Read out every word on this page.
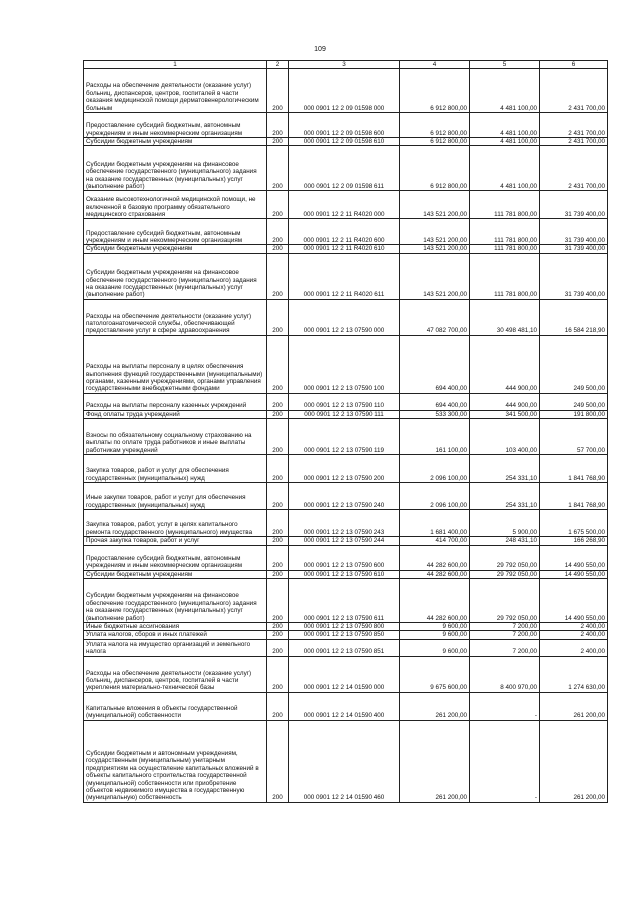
109
1	2	3	4	5	6
Расходы на обеспечение деятельности (оказание услуг) больниц, диспансеров, центров, госпиталей в части оказания медицинской помощи дерматовенерологическим больным	200	000 0901 12 2 09 01598 000	6 912 800,00	4 481 100,00	2 431 700,00
Предоставление субсидий бюджетным, автономным учреждениям и иным некоммерческим организациям	200	000 0901 12 2 09 01598 600	6 912 800,00	4 481 100,00	2 431 700,00
Субсидии бюджетным учреждениям	200	000 0901 12 2 09 01598 610	6 912 800,00	4 481 100,00	2 431 700,00
Субсидии бюджетным учреждениям на финансовое обеспечение государственного (муниципального) задания на оказание государственных (муниципальных) услуг (выполнение работ)	200	000 0901 12 2 09 01598 611	6 912 800,00	4 481 100,00	2 431 700,00
Оказание высокотехнологичной медицинской помощи, не включенной в базовую программу обязательного медицинского страхования	200	000 0901 12 2 11 R4020 000	143 521 200,00	111 781 800,00	31 739 400,00
Предоставление субсидий бюджетным, автономным учреждениям и иным некоммерческим организациям	200	000 0901 12 2 11 R4020 600	143 521 200,00	111 781 800,00	31 739 400,00
Субсидии бюджетным учреждениям	200	000 0901 12 2 11 R4020 610	143 521 200,00	111 781 800,00	31 739 400,00
Субсидии бюджетным учреждениям на финансовое обеспечение государственного (муниципального) задания на оказание государственных (муниципальных) услуг (выполнение работ)	200	000 0901 12 2 11 R4020 611	143 521 200,00	111 781 800,00	31 739 400,00
Расходы на обеспечение деятельности (оказание услуг) патологоанатомической службы, обеспечивающей предоставление услуг в сфере здравоохранения	200	000 0901 12 2 13 07590 000	47 082 700,00	30 498 481,10	16 584 218,90
Расходы на выплаты персоналу в целях обеспечения выполнения функций государственными (муниципальными) органами, казенными учреждениями, органами управления государственными внебюджетными фондами	200	000 0901 12 2 13 07590 100	694 400,00	444 900,00	249 500,00
Расходы на выплаты персоналу казенных учреждений	200	000 0901 12 2 13 07590 110	694 400,00	444 900,00	249 500,00
Фонд оплаты труда учреждений	200	000 0901 12 2 13 07590 111	533 300,00	341 500,00	191 800,00
Взносы по обязательному социальному страхованию на выплаты по оплате труда работников и иные выплаты работникам учреждений	200	000 0901 12 2 13 07590 119	161 100,00	103 400,00	57 700,00
Закупка товаров, работ и услуг для обеспечения государственных (муниципальных) нужд	200	000 0901 12 2 13 07590 200	2 096 100,00	254 331,10	1 841 768,90
Иные закупки товаров, работ и услуг для обеспечения государственных (муниципальных) нужд	200	000 0901 12 2 13 07590 240	2 096 100,00	254 331,10	1 841 768,90
Закупка товаров, работ, услуг в целях капитального ремонта государственного (муниципального) имущества	200	000 0901 12 2 13 07590 243	1 681 400,00	5 900,00	1 675 500,00
Прочая закупка товаров, работ и услуг	200	000 0901 12 2 13 07590 244	414 700,00	248 431,10	166 268,90
Предоставление субсидий бюджетным, автономным учреждениям и иным некоммерческим организациям	200	000 0901 12 2 13 07590 600	44 282 600,00	29 792 050,00	14 490 550,00
Субсидии бюджетным учреждениям	200	000 0901 12 2 13 07590 610	44 282 600,00	29 792 050,00	14 490 550,00
Субсидии бюджетным учреждениям на финансовое обеспечение государственного (муниципального) задания на оказание государственных (муниципальных) услуг (выполнение работ)	200	000 0901 12 2 13 07590 611	44 282 600,00	29 792 050,00	14 490 550,00
Иные бюджетные ассигнования	200	000 0901 12 2 13 07590 800	9 600,00	7 200,00	2 400,00
Уплата налогов, сборов и иных платежей	200	000 0901 12 2 13 07590 850	9 600,00	7 200,00	2 400,00
Уплата налога на имущество организаций и земельного налога	200	000 0901 12 2 13 07590 851	9 600,00	7 200,00	2 400,00
Расходы на обеспечение деятельности (оказание услуг) больниц, диспансеров, центров, госпиталей в части укрепления материально-технической базы	200	000 0901 12 2 14 01590 000	9 675 600,00	8 400 970,00	1 274 630,00
Капитальные вложения в объекты государственной (муниципальной) собственности	200	000 0901 12 2 14 01590 400	261 200,00	-	261 200,00
Субсидии бюджетным и автономным учреждениям, государственным (муниципальным) унитарным предприятиям на осуществление капитальных вложений в объекты капитального строительства государственной (муниципальной) собственности или приобретение объектов недвижимого имущества в государственную (муниципальную) собственность	200	000 0901 12 2 14 01590 460	261 200,00	-	261 200,00
